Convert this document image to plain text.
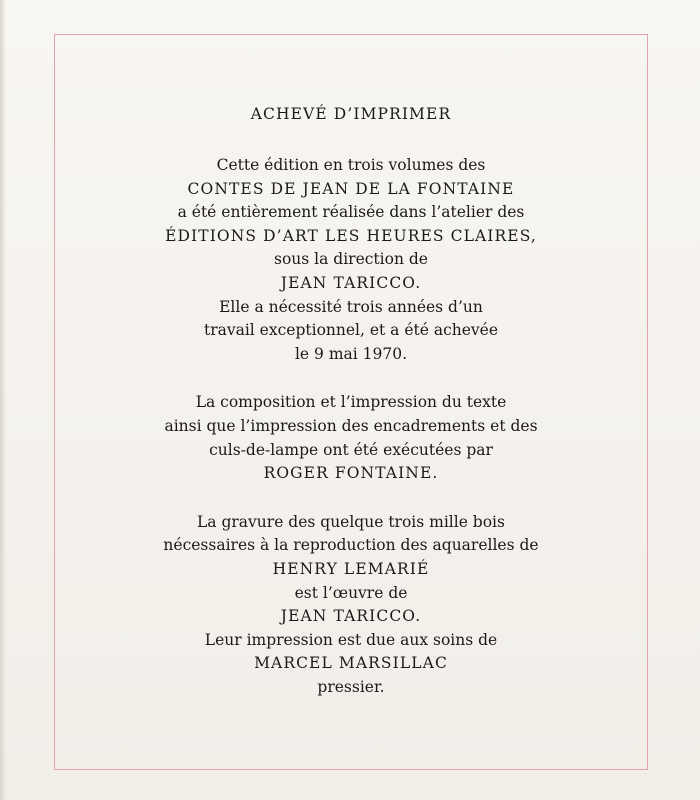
ACHEVÉ D’IMPRIMER
Cette édition en trois volumes des
CONTES DE JEAN DE LA FONTAINE
a été entièrement réalisée dans l’atelier des
ÉDITIONS D’ART LES HEURES CLAIRES,
sous la direction de
JEAN TARICCO.
Elle a nécessité trois années d’un
travail exceptionnel, et a été achevée
le 9 mai 1970.
La composition et l’impression du texte
ainsi que l’impression des encadrements et des
culs-de-lampe ont été exécutées par
ROGER FONTAINE.
La gravure des quelque trois mille bois
nécessaires à la reproduction des aquarelles de
HENRY LEMARIÉ
est l’œuvre de
JEAN TARICCO.
Leur impression est due aux soins de
MARCEL MARSILLAC
pressier.
